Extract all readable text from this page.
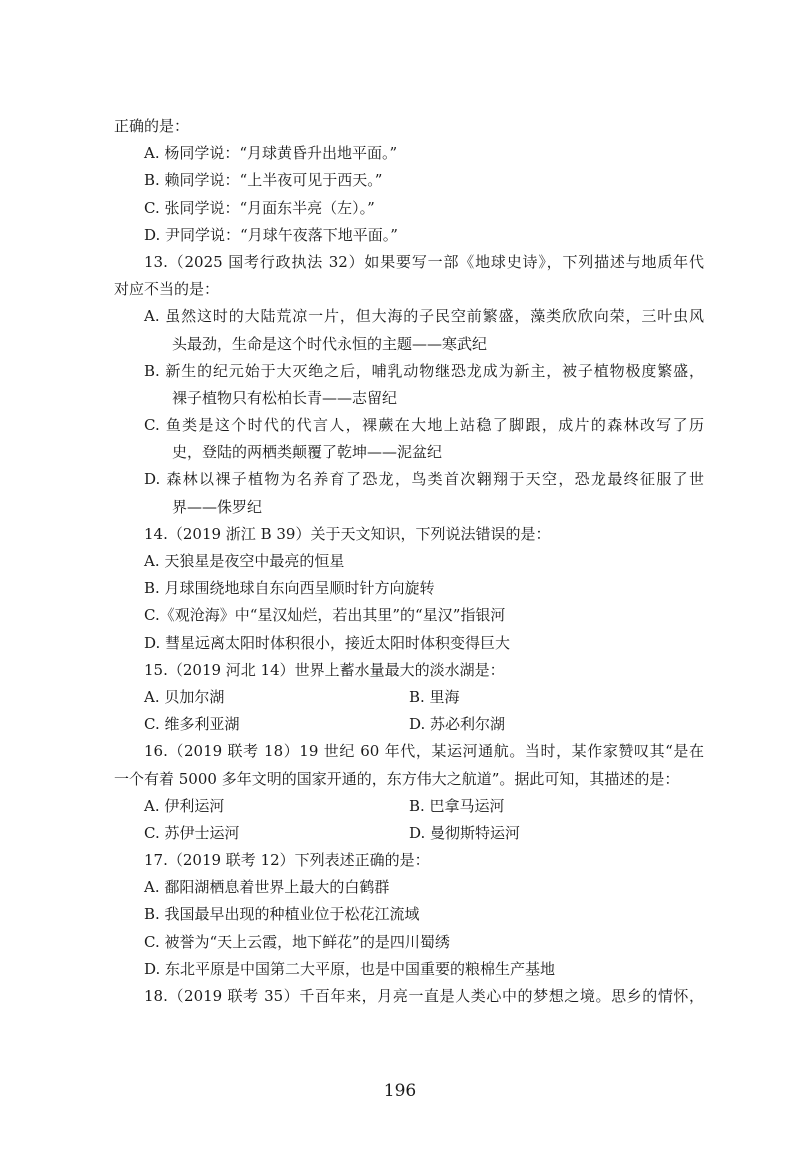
正确的是：
A. 杨同学说：“月球黄昏升出地平面。”
B. 赖同学说：“上半夜可见于西天。”
C. 张同学说：“月面东半亮（左）。”
D. 尹同学说：“月球午夜落下地平面。”
13.（2025 国考行政执法 32）如果要写一部《地球史诗》，下列描述与地质年代
对应不当的是：
A. 虽然这时的大陆荒凉一片，但大海的子民空前繁盛，藻类欣欣向荣，三叶虫风
头最劲，生命是这个时代永恒的主题——寒武纪
B. 新生的纪元始于大灭绝之后，哺乳动物继恐龙成为新主，被子植物极度繁盛，
裸子植物只有松柏长青——志留纪
C. 鱼类是这个时代的代言人，裸蕨在大地上站稳了脚跟，成片的森林改写了历
史，登陆的两栖类颠覆了乾坤——泥盆纪
D. 森林以裸子植物为名养育了恐龙，鸟类首次翱翔于天空，恐龙最终征服了世
界——侏罗纪
14.（2019 浙江 B 39）关于天文知识，下列说法错误的是：
A. 天狼星是夜空中最亮的恒星
B. 月球围绕地球自东向西呈顺时针方向旋转
C.《观沧海》中“星汉灿烂，若出其里”的“星汉”指银河
D. 彗星远离太阳时体积很小，接近太阳时体积变得巨大
15.（2019 河北 14）世界上蓄水量最大的淡水湖是：
A. 贝加尔湖	B. 里海
C. 维多利亚湖	D. 苏必利尔湖
16.（2019 联考 18）19 世纪 60 年代，某运河通航。当时，某作家赞叹其“是在
一个有着 5000 多年文明的国家开通的，东方伟大之航道”。据此可知，其描述的是：
A. 伊利运河	B. 巴拿马运河
C. 苏伊士运河	D. 曼彻斯特运河
17.（2019 联考 12）下列表述正确的是：
A. 鄱阳湖栖息着世界上最大的白鹤群
B. 我国最早出现的种植业位于松花江流域
C. 被誉为“天上云霞，地下鲜花”的是四川蜀绣
D. 东北平原是中国第二大平原，也是中国重要的粮棉生产基地
18.（2019 联考 35）千百年来，月亮一直是人类心中的梦想之境。思乡的情怀，
196
